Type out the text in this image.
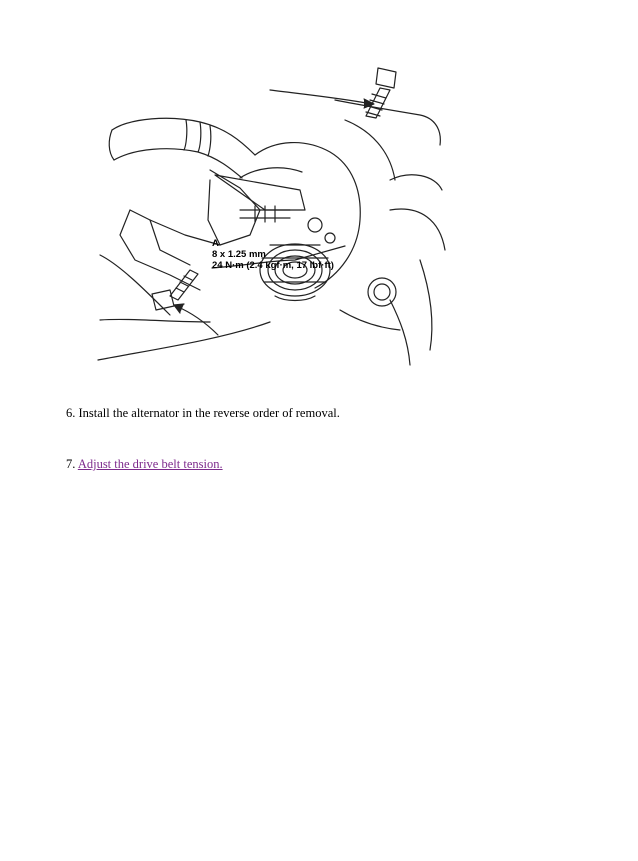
A
8 x 1.25 mm
24 N·m (2.4 kgf·m, 17 lbf·ft)
6. Install the alternator in the reverse order of removal.
7. Adjust the drive belt tension.
